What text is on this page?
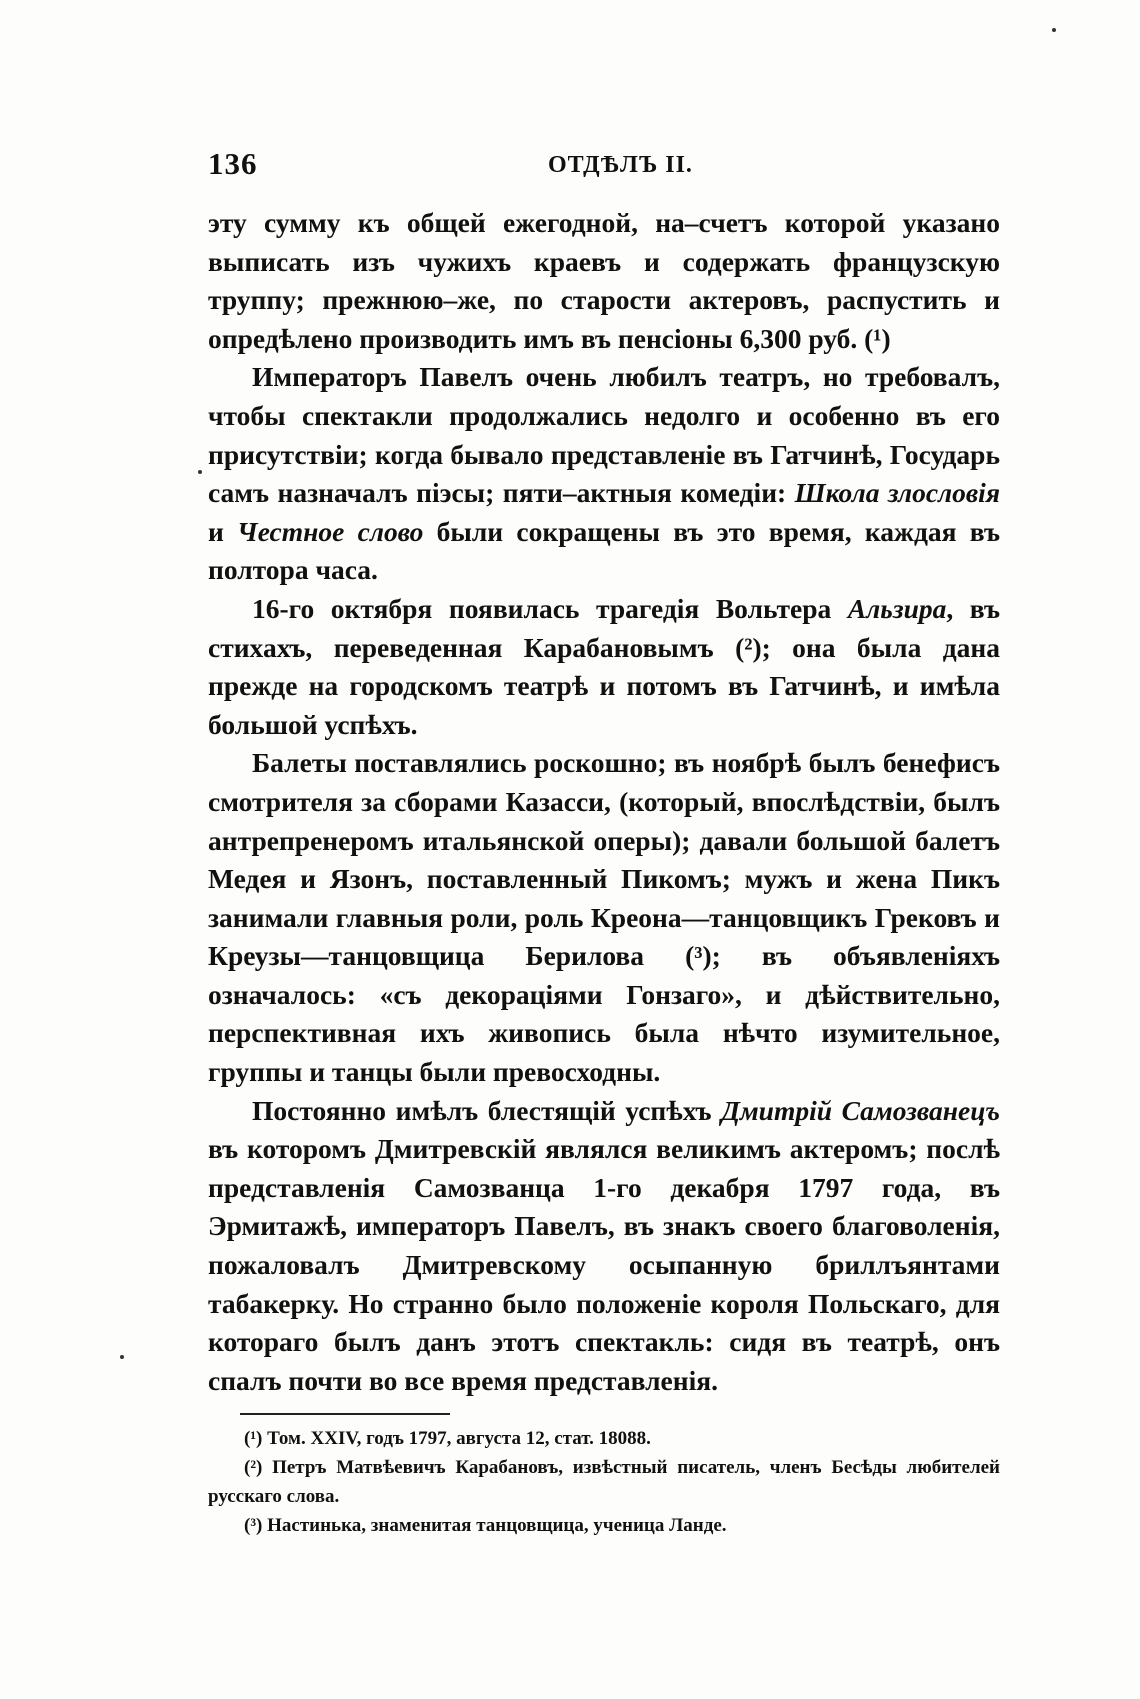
136	ОТДѢЛЪ II.

эту сумму къ общей ежегодной, на–счетъ которой указано выписать изъ чужихъ краевъ и содержать французскую труппу; прежнюю–же, по старости актеровъ, распустить и опредѣлено производить имъ въ пенсіоны 6,300 руб. (¹)

Императоръ Павелъ очень любилъ театръ, но требовалъ, чтобы спектакли продолжались недолго и особенно въ его присутствіи; когда бывало представленіе въ Гатчинѣ, Государь самъ назначалъ піэсы; пяти–актныя комедіи: Школа злословія и Честное слово были сокращены въ это время, каждая въ полтора часа.

16-го октября появилась трагедія Вольтера Альзира, въ стихахъ, переведенная Карабановымъ (²); она была дана прежде на городскомъ театрѣ и потомъ въ Гатчинѣ, и имѣла большой успѣхъ.

Балеты поставлялись роскошно; въ ноябрѣ былъ бенефисъ смотрителя за сборами Казасси, (который, впослѣдствіи, былъ антрепренеромъ итальянской оперы); давали большой балетъ Медея и Язонъ, поставленный Пикомъ; мужъ и жена Пикъ занимали главныя роли, роль Креона—танцовщикъ Грековъ и Креузы—танцовщица Берилова (³); въ объявленіяхъ означалось: «съ декораціями Гонзаго», и дѣйствительно, перспективная ихъ живопись была нѣчто изумительное, группы и танцы были превосходны.

Постоянно имѣлъ блестящій успѣхъ Дмитрій Самозванецъ въ которомъ Дмитревскій являлся великимъ актеромъ; послѣ представленія Самозванца 1-го декабря 1797 года, въ Эрмитажѣ, императоръ Павелъ, въ знакъ своего благоволенія, пожаловалъ Дмитревскому осыпанную бриллъянтами табакерку. Но странно было положеніе короля Польскаго, для котораго былъ данъ этотъ спектакль: сидя въ театрѣ, онъ спалъ почти во все время представленія.

(¹) Том. XXIV, годъ 1797, августа 12, стат. 18088.

(²) Петръ Матвѣевичъ Карабановъ, извѣстный писатель, членъ Бесѣды любителей русскаго слова.

(³) Настинька, знаменитая танцовщица, ученица Ланде.
